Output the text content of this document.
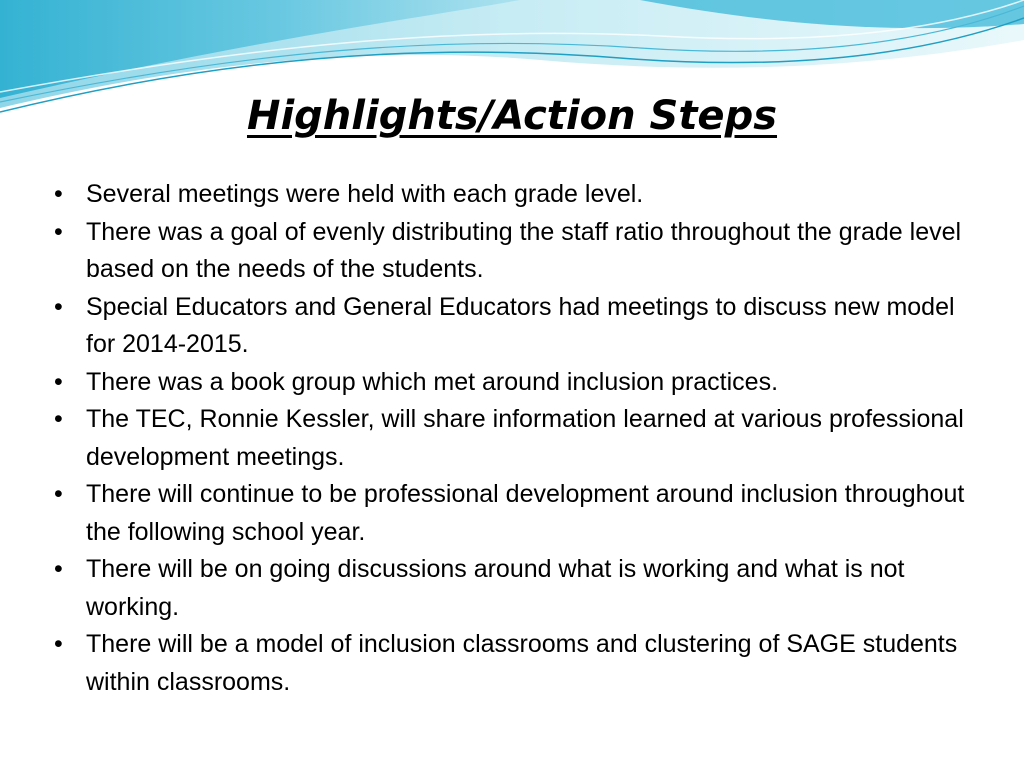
Highlights/Action Steps
• Several meetings were held with each grade level.
• There was a goal of evenly distributing the staff ratio throughout the grade level based on the needs of the students.
• Special Educators and General Educators had meetings to discuss new model for 2014-2015.
• There was a book group which met around inclusion practices.
• The TEC, Ronnie Kessler, will share information learned at various professional development meetings.
• There will continue to be professional development around inclusion throughout the following school year.
• There will be on going discussions around what is working and what is not working.
• There will be a model of inclusion classrooms and clustering of SAGE students within classrooms.
